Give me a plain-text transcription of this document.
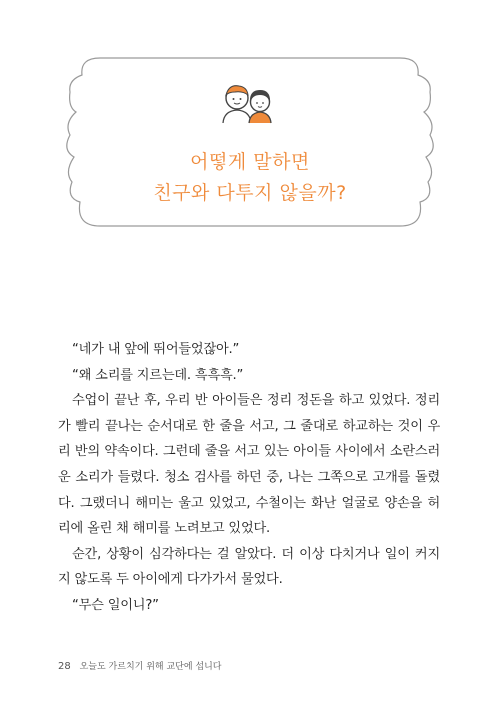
어떻게 말하면
친구와 다투지 않을까?

“네가 내 앞에 뛰어들었잖아.”

“왜 소리를 지르는데. 흑흑흑.”

수업이 끝난 후, 우리 반 아이들은 정리 정돈을 하고 있었다. 정리가 빨리 끝나는 순서대로 한 줄을 서고, 그 줄대로 하교하는 것이 우리 반의 약속이다. 그런데 줄을 서고 있는 아이들 사이에서 소란스러운 소리가 들렸다. 청소 검사를 하던 중, 나는 그쪽으로 고개를 돌렸다. 그랬더니 해미는 울고 있었고, 수철이는 화난 얼굴로 양손을 허리에 올린 채 해미를 노려보고 있었다.

순간, 상황이 심각하다는 걸 알았다. 더 이상 다치거나 일이 커지지 않도록 두 아이에게 다가가서 물었다.

“무슨 일이니?”

28 오늘도 가르치기 위해 교단에 섭니다
